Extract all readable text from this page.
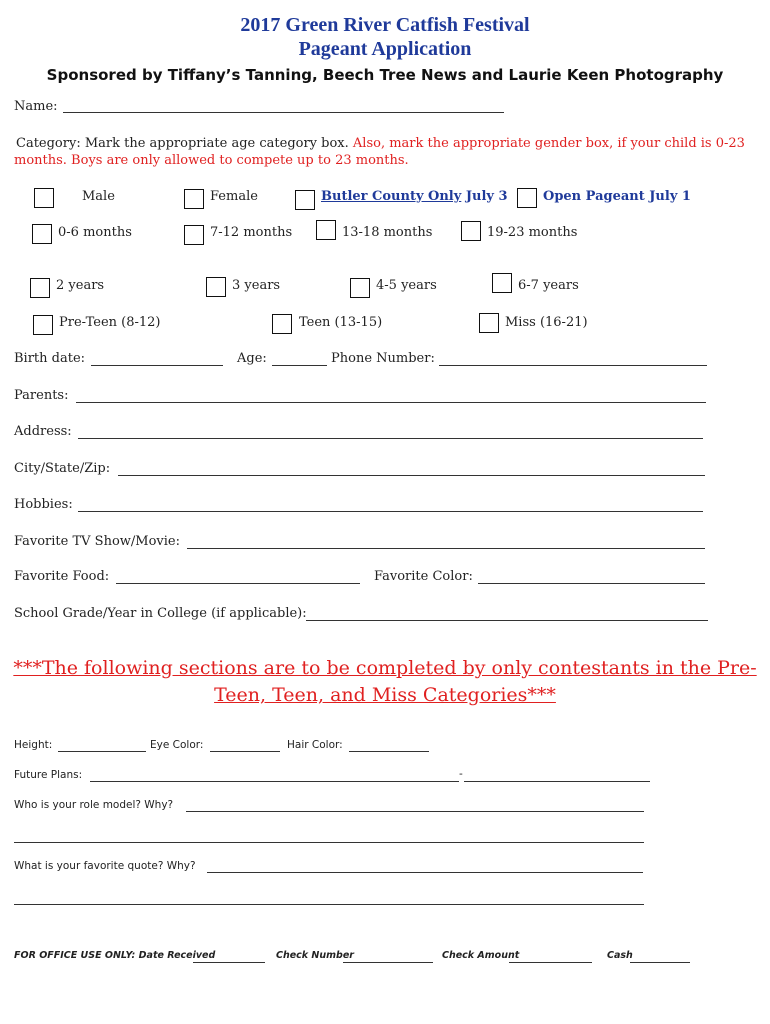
2017 Green River Catfish Festival
Pageant Application
Sponsored by Tiffany’s Tanning, Beech Tree News and Laurie Keen Photography
Name:
Category: Mark the appropriate age category box. Also, mark the appropriate gender box, if your child is 0-23
months. Boys are only allowed to compete up to 23 months.
Male	Female	Butler County Only July 3	Open Pageant July 1
0-6 months	7-12 months	13-18 months	19-23 months
2 years	3 years	4-5 years	6-7 years
Pre-Teen (8-12)	Teen (13-15)	Miss (16-21)
Birth date:	Age:	Phone Number:
Parents:
Address:
City/State/Zip:
Hobbies:
Favorite TV Show/Movie:
Favorite Food:	Favorite Color:
School Grade/Year in College (if applicable):
***The following sections are to be completed by only contestants in the Pre-Teen, Teen, and Miss Categories***
Height:	Eye Color:	Hair Color:
Future Plans:	-
Who is your role model? Why?
What is your favorite quote? Why?
FOR OFFICE USE ONLY: Date Received	Check Number	Check Amount	Cash
